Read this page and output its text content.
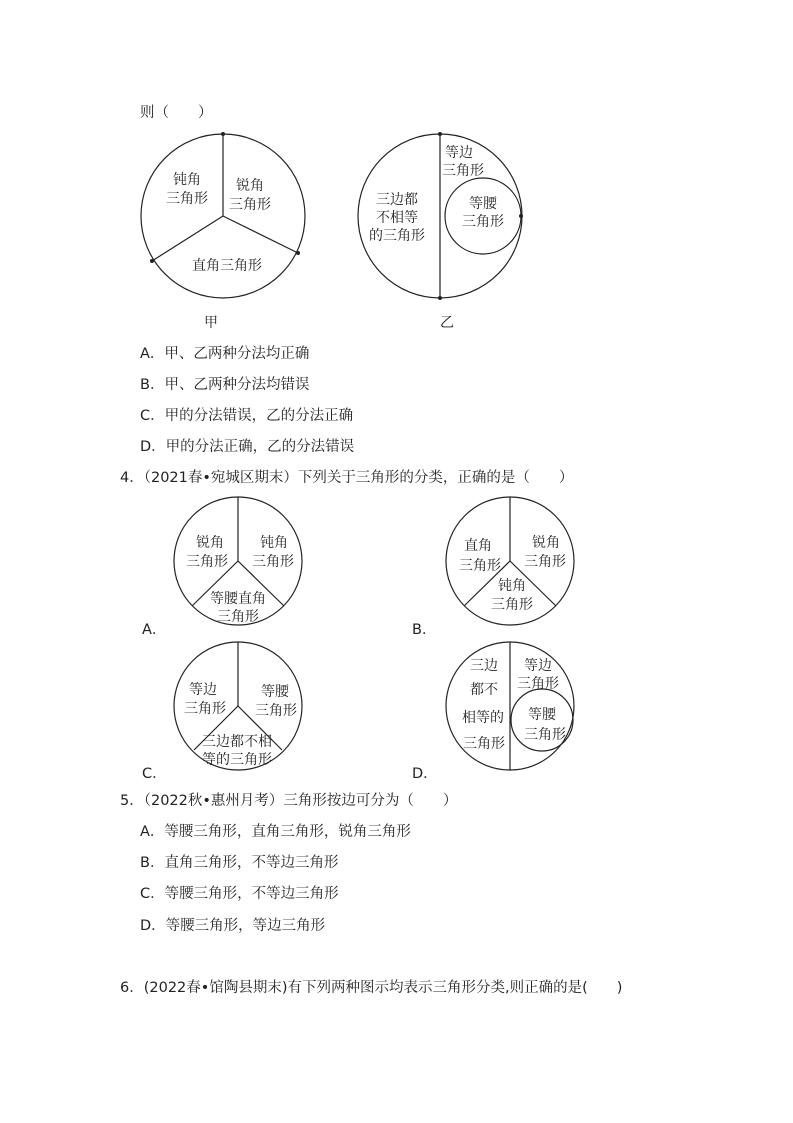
则（　　）
钝角
三角形
锐角
三角形
直角三角形
甲
等边
三角形
三边都
不相等
的三角形
等腰
三角形
乙
A．甲、乙两种分法均正确
B．甲、乙两种分法均错误
C．甲的分法错误，乙的分法正确
D．甲的分法正确，乙的分法错误
4．（2021春•宛城区期末）下列关于三角形的分类，正确的是（　　）
A．
锐角
三角形
钝角
三角形
等腰直角
三角形
B．
直角
三角形
锐角
三角形
钝角
三角形
C．
等边
三角形
等腰
三角形
三边都不相
等的三角形
D．
三边
都不
相等的
三角形
等边
三角形
等腰
三角形
5．（2022秋•惠州月考）三角形按边可分为（　　）
A．等腰三角形，直角三角形，锐角三角形
B．直角三角形，不等边三角形
C．等腰三角形，不等边三角形
D．等腰三角形，等边三角形
6．(2022春•馆陶县期末)有下列两种图示均表示三角形分类,则正确的是(　　)
